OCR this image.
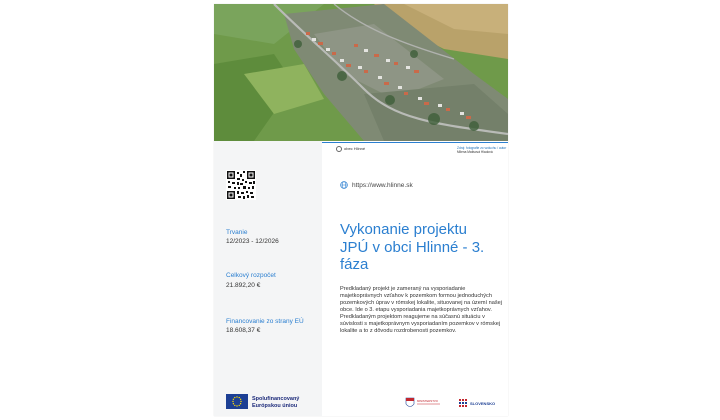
obec Hlinné	Zdroj: fotografie zo vzduchu / autor
Milena Matisová Hladová
https://www.hlinne.sk
Trvanie
12/2023 - 12/2026
Celkový rozpočet
21.892,20 €
Financovanie zo strany EÚ
18.608,37 €
Vykonanie projektu JPÚ v obci Hlinné - 3. fáza
Predkladaný projekt je zameraný na vysporiadanie majetkoprávnych vzťahov k pozemkom formou jednoduchých pozemkových úprav v rómskej lokalite, situovanej na území našej obce. Ide o 3. etapu vysporiadania majetkoprávnych vzťahov. Predkladaným projektom reagujeme na súčasnú situáciu v súvislosti s majetkoprávnym vysporiadaním pozemkov v rómskej lokalite a to z dôvodu rozdrobenosti pozemkov.
Spolufinancovaný
Európskou úniou
MINISTERSTVO	SLOVENSKO
